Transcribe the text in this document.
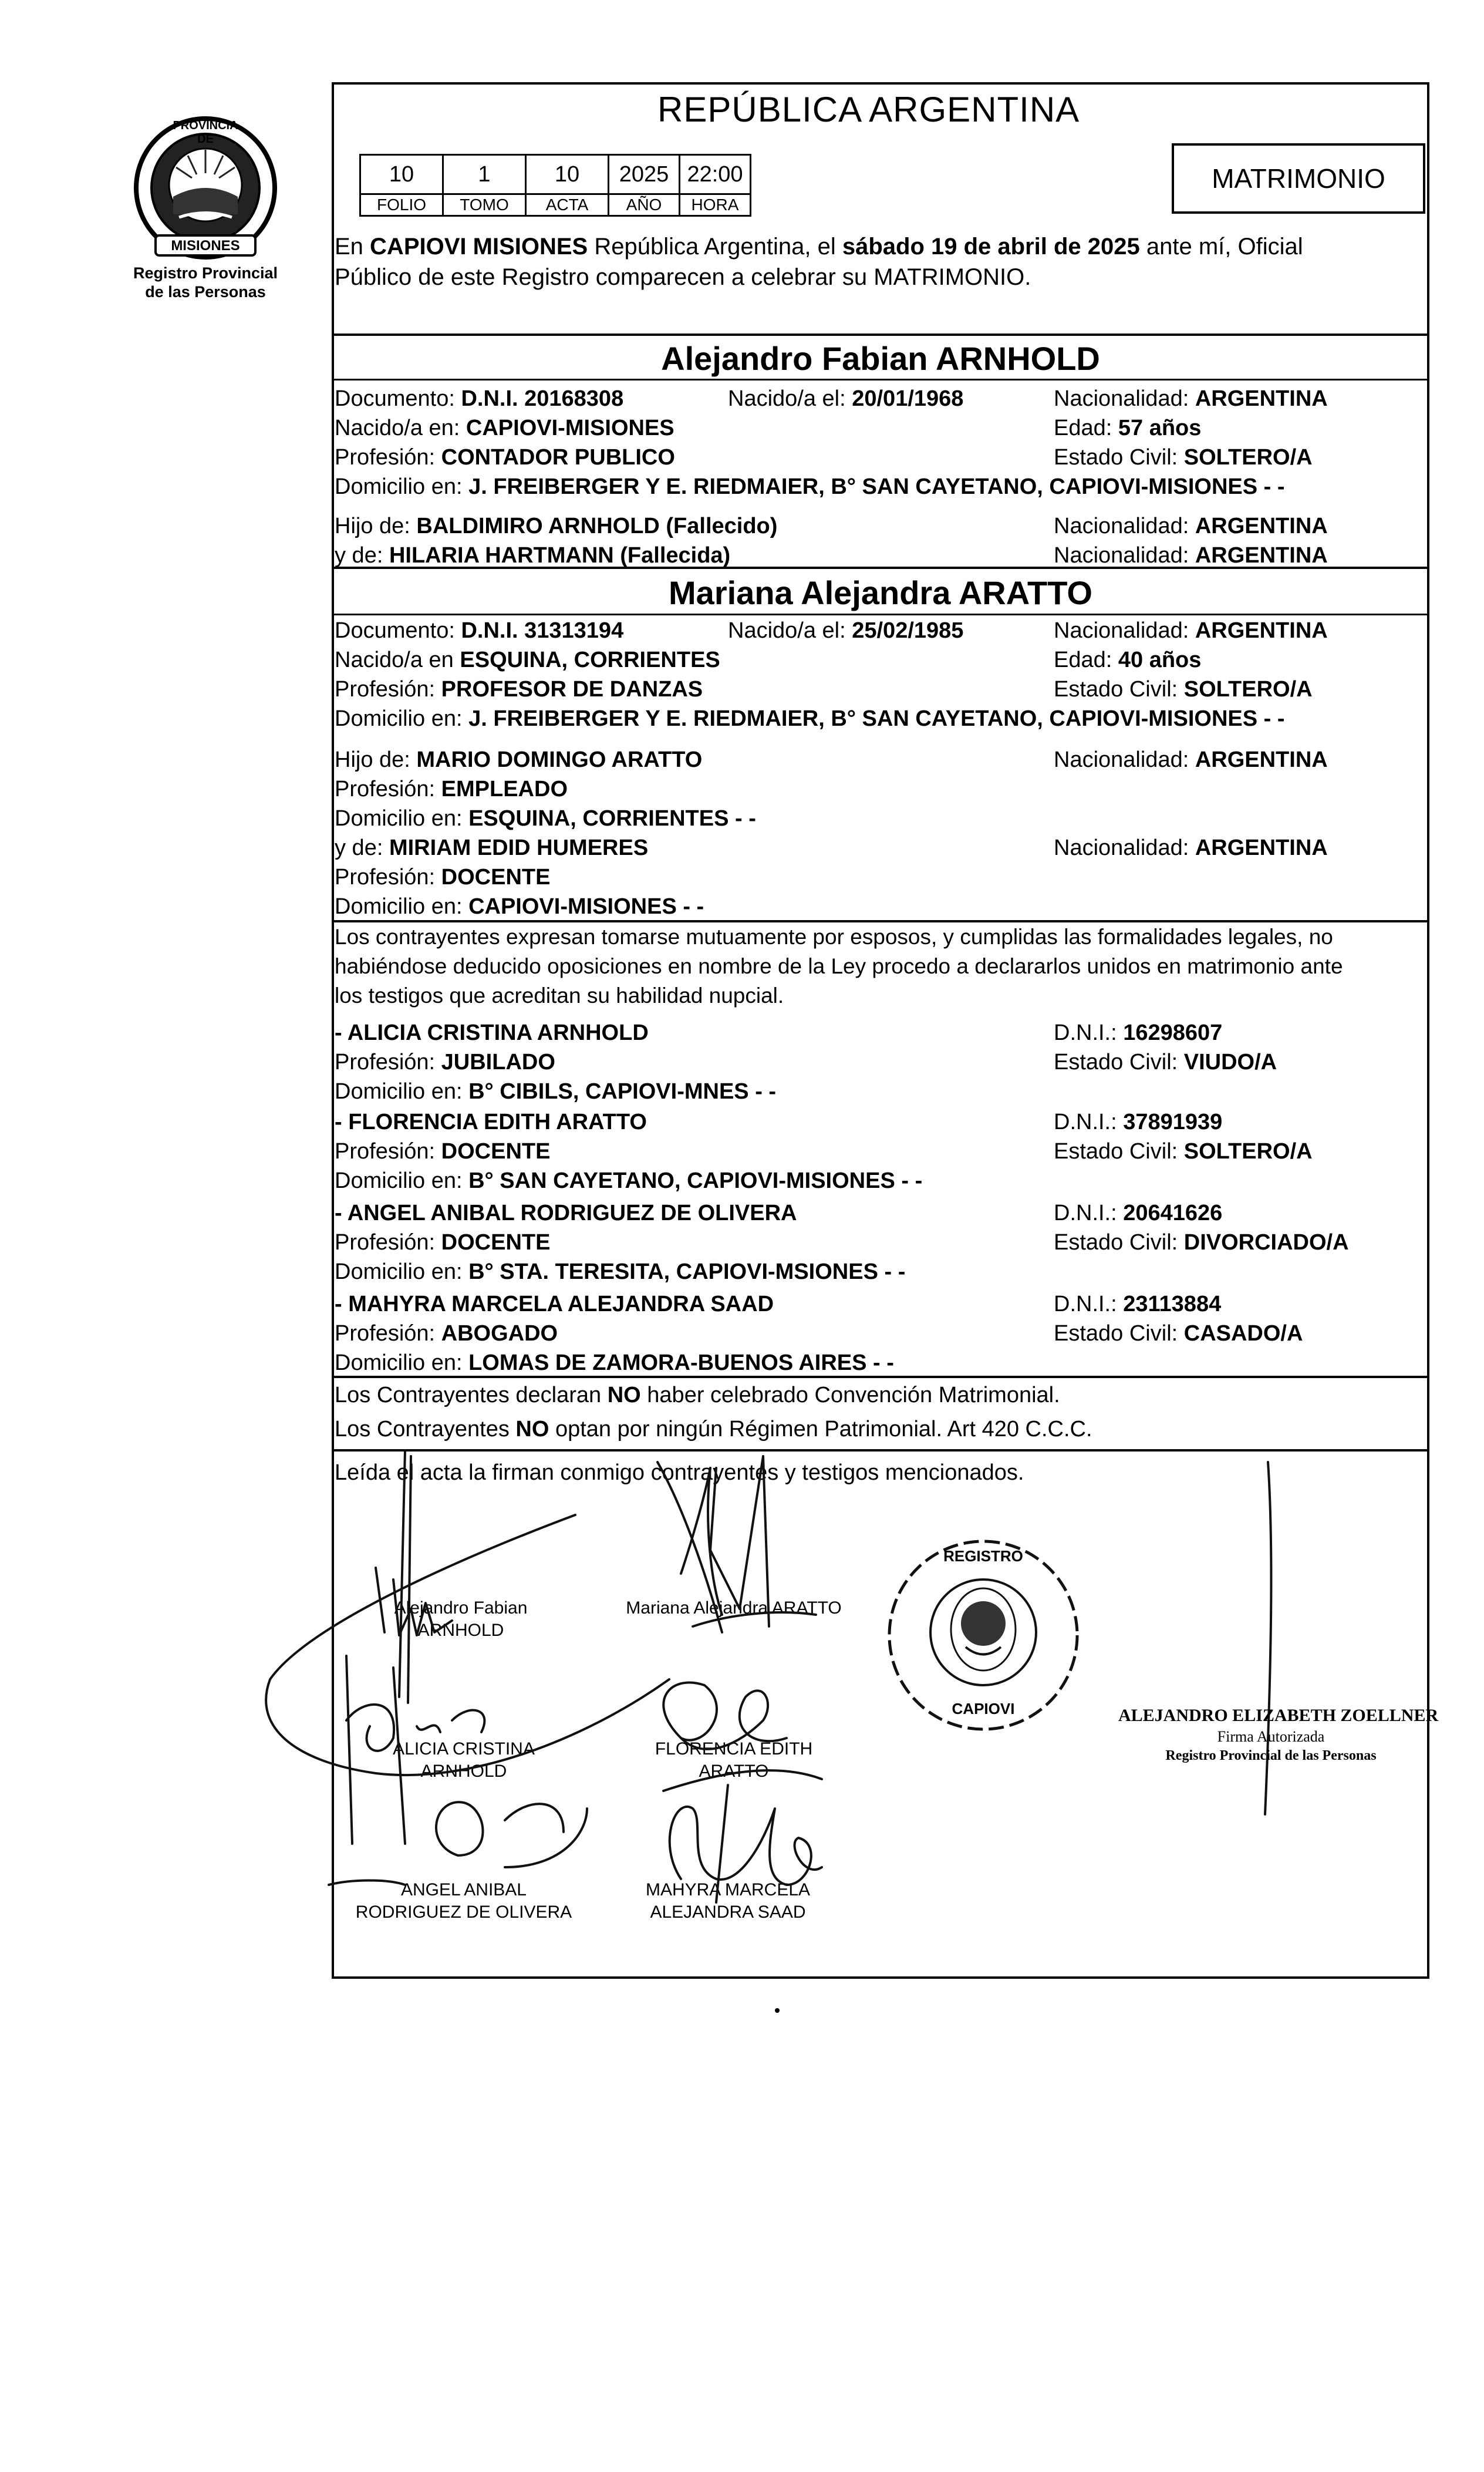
PROVINCIA DE
MISIONES
Registro Provincial
de las Personas
REPÚBLICA ARGENTINA
10	1	10	2025	22:00
FOLIO	TOMO	ACTA	AÑO	HORA
MATRIMONIO
En CAPIOVI MISIONES República Argentina, el sábado 19 de abril de 2025 ante mí, Oficial
Público de este Registro comparecen a celebrar su MATRIMONIO.
Alejandro Fabian ARNHOLD
Documento: D.N.I. 20168308	Nacido/a el: 20/01/1968	Nacionalidad: ARGENTINA
Nacido/a en: CAPIOVI-MISIONES	Edad: 57 años
Profesión: CONTADOR PUBLICO	Estado Civil: SOLTERO/A
Domicilio en: J. FREIBERGER Y E. RIEDMAIER, B° SAN CAYETANO, CAPIOVI-MISIONES - -
Hijo de: BALDIMIRO ARNHOLD (Fallecido)	Nacionalidad: ARGENTINA
y de: HILARIA HARTMANN (Fallecida)	Nacionalidad: ARGENTINA
Mariana Alejandra ARATTO
Documento: D.N.I. 31313194	Nacido/a el: 25/02/1985	Nacionalidad: ARGENTINA
Nacido/a en ESQUINA, CORRIENTES	Edad: 40 años
Profesión: PROFESOR DE DANZAS	Estado Civil: SOLTERO/A
Domicilio en: J. FREIBERGER Y E. RIEDMAIER, B° SAN CAYETANO, CAPIOVI-MISIONES - -
Hijo de: MARIO DOMINGO ARATTO	Nacionalidad: ARGENTINA
Profesión: EMPLEADO
Domicilio en: ESQUINA, CORRIENTES - -
y de: MIRIAM EDID HUMERES	Nacionalidad: ARGENTINA
Profesión: DOCENTE
Domicilio en: CAPIOVI-MISIONES - -
Los contrayentes expresan tomarse mutuamente por esposos, y cumplidas las formalidades legales, no
habiéndose deducido oposiciones en nombre de la Ley procedo a declararlos unidos en matrimonio ante
los testigos que acreditan su habilidad nupcial.
- ALICIA CRISTINA ARNHOLD	D.N.I.: 16298607
Profesión: JUBILADO	Estado Civil: VIUDO/A
Domicilio en: B° CIBILS, CAPIOVI-MNES - -
- FLORENCIA EDITH ARATTO	D.N.I.: 37891939
Profesión: DOCENTE	Estado Civil: SOLTERO/A
Domicilio en: B° SAN CAYETANO, CAPIOVI-MISIONES - -
- ANGEL ANIBAL RODRIGUEZ DE OLIVERA	D.N.I.: 20641626
Profesión: DOCENTE	Estado Civil: DIVORCIADO/A
Domicilio en: B° STA. TERESITA, CAPIOVI-MSIONES - -
- MAHYRA MARCELA ALEJANDRA SAAD	D.N.I.: 23113884
Profesión: ABOGADO	Estado Civil: CASADO/A
Domicilio en: LOMAS DE ZAMORA-BUENOS AIRES - -
Los Contrayentes declaran NO haber celebrado Convención Matrimonial.
Los Contrayentes NO optan por ningún Régimen Patrimonial. Art 420 C.C.C.
Leída el acta la firman conmigo contrayentes y testigos mencionados.
Alejandro Fabian
ARNHOLD
Mariana Alejandra ARATTO
ALICIA CRISTINA
ARNHOLD
FLORENCIA EDITH
ARATTO
ANGEL ANIBAL
RODRIGUEZ DE OLIVERA
MAHYRA MARCELA
ALEJANDRA SAAD
REGISTRO
CAPIOVI	ALEJANDRO ELIZABETH ZOELLNER
Firma Autorizada
Registro Provincial de las Personas
